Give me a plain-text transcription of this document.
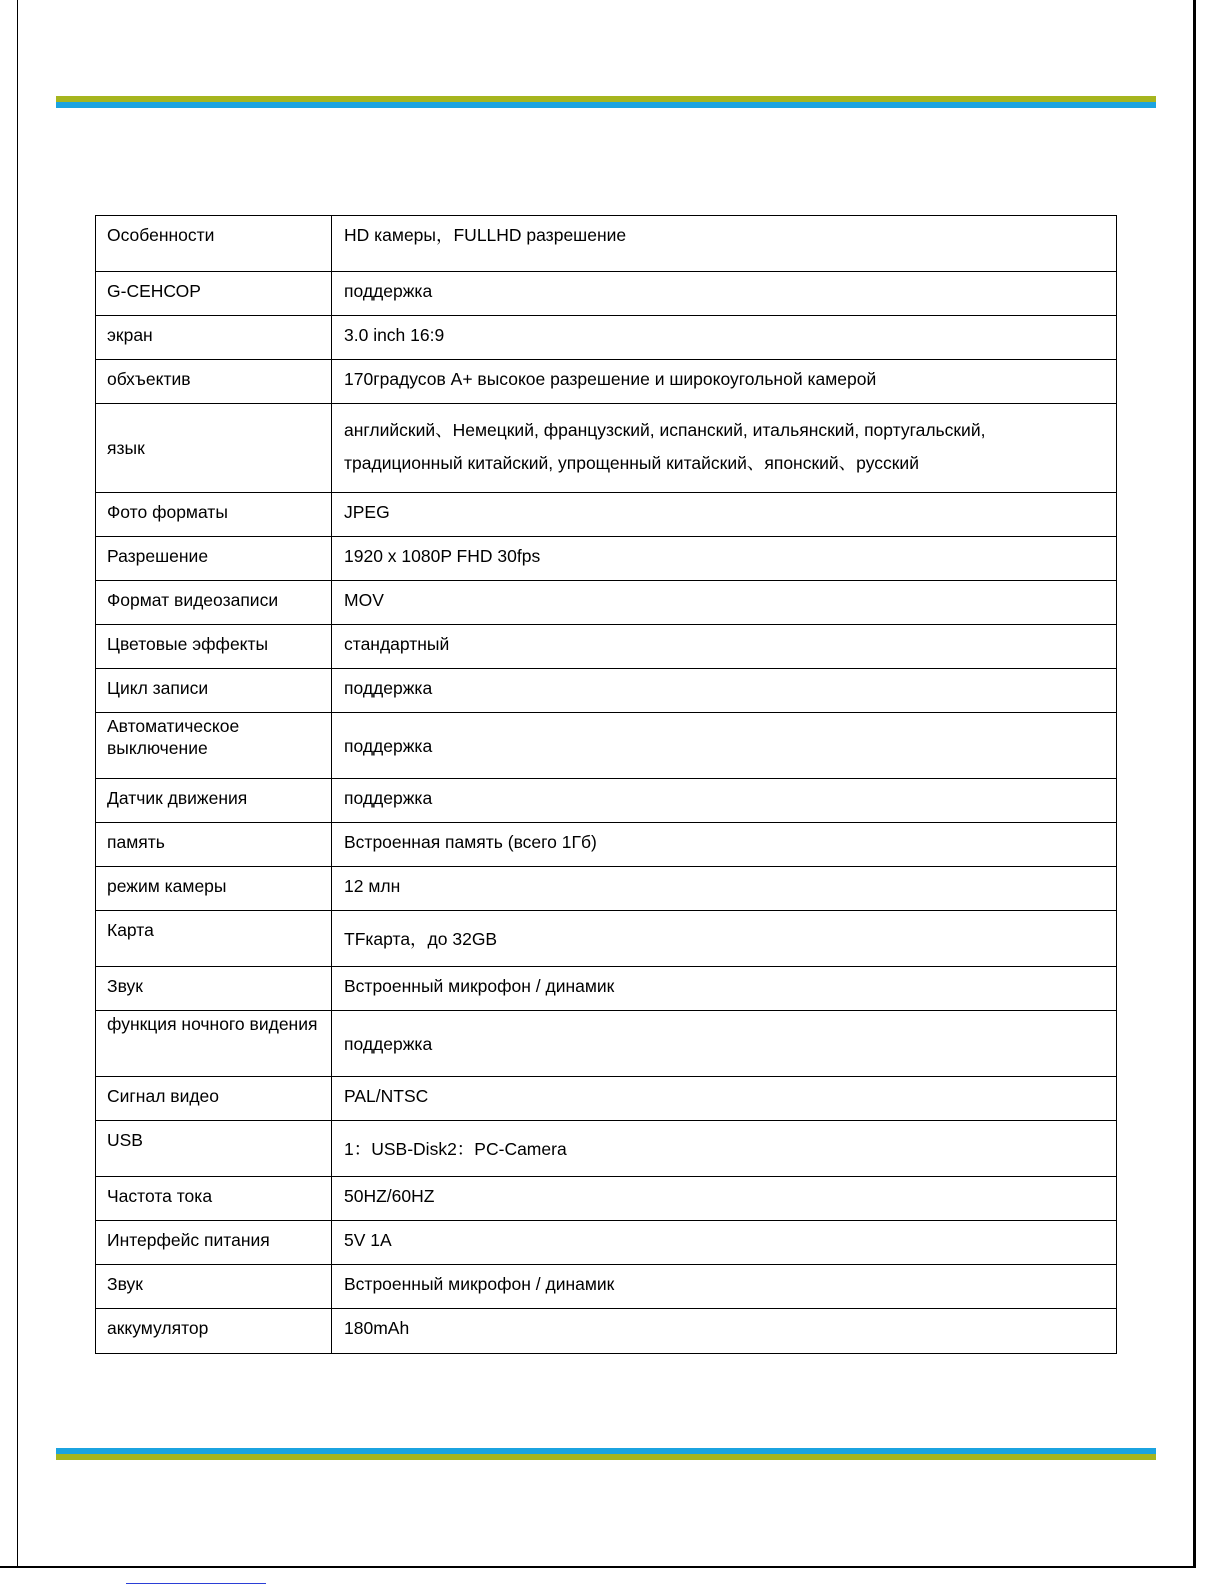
Особенности	HD камеры，FULLHD разрешение
G-СЕНСОР	поддержка
экран	3.0 inch 16:9
обхъектив	170градусов A+ высокое разрешение и широкоугольной камерой
язык	английский、Немецкий, французский, испанский, итальянский, португальский, традиционный китайский, упрощенный китайский、японский、русский
Фото форматы	JPEG
Разрешение	1920 x 1080P FHD 30fps
Формат видеозаписи	MOV
Цветовые эффекты	стандартный
Цикл записи	поддержка
Автоматическое выключение	поддержка
Датчик движения	поддержка
память	Встроенная память (всего 1Гб)
режим камеры	12 млн
Карта	TFкарта，до 32GB
Звук	Встроенный микрофон / динамик
функция ночного видения	поддержка
Сигнал видео	PAL/NTSC
USB	1：USB-Disk2：PC-Camera
Частота тока	50HZ/60HZ
Интерфейс питания	5V 1A
Звук	Встроенный микрофон / динамик
аккумулятор	180mAh
